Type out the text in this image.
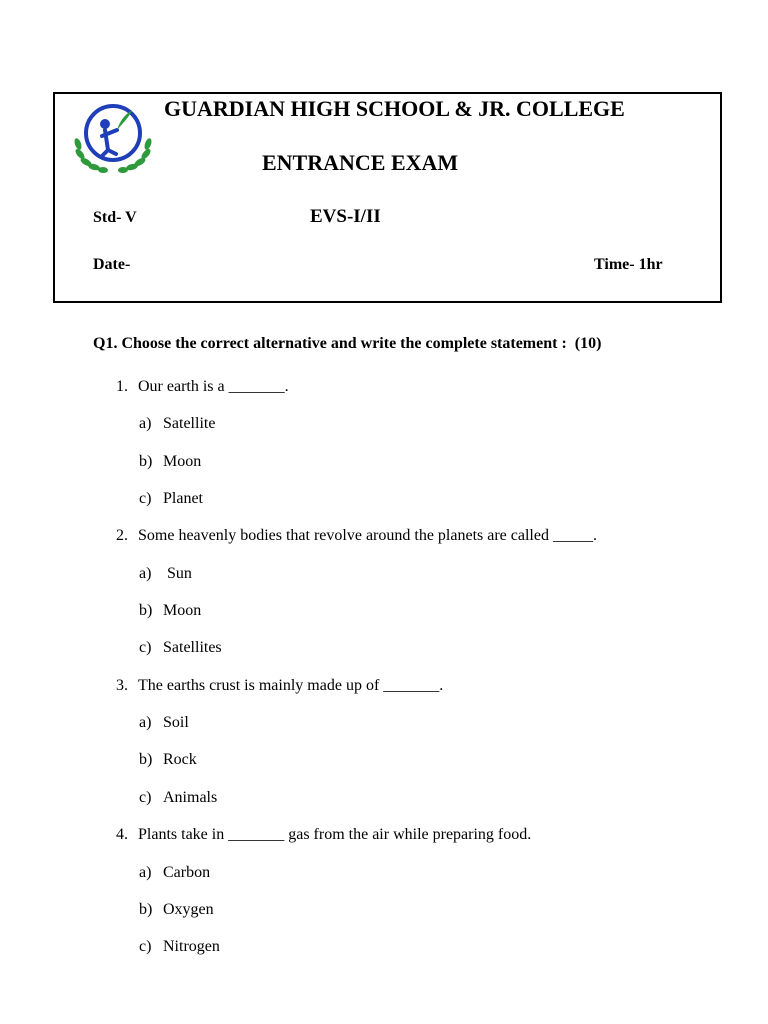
GUARDIAN HIGH SCHOOL & JR. COLLEGE
ENTRANCE EXAM
Std- V	EVS-I/II
Date-	Time- 1hr
Q1. Choose the correct alternative and write the complete statement : (10)
1. Our earth is a _______.
a) Satellite
b) Moon
c) Planet
2. Some heavenly bodies that revolve around the planets are called _____.
a) Sun
b) Moon
c) Satellites
3. The earths crust is mainly made up of _______.
a) Soil
b) Rock
c) Animals
4. Plants take in _______ gas from the air while preparing food.
a) Carbon
b) Oxygen
c) Nitrogen
